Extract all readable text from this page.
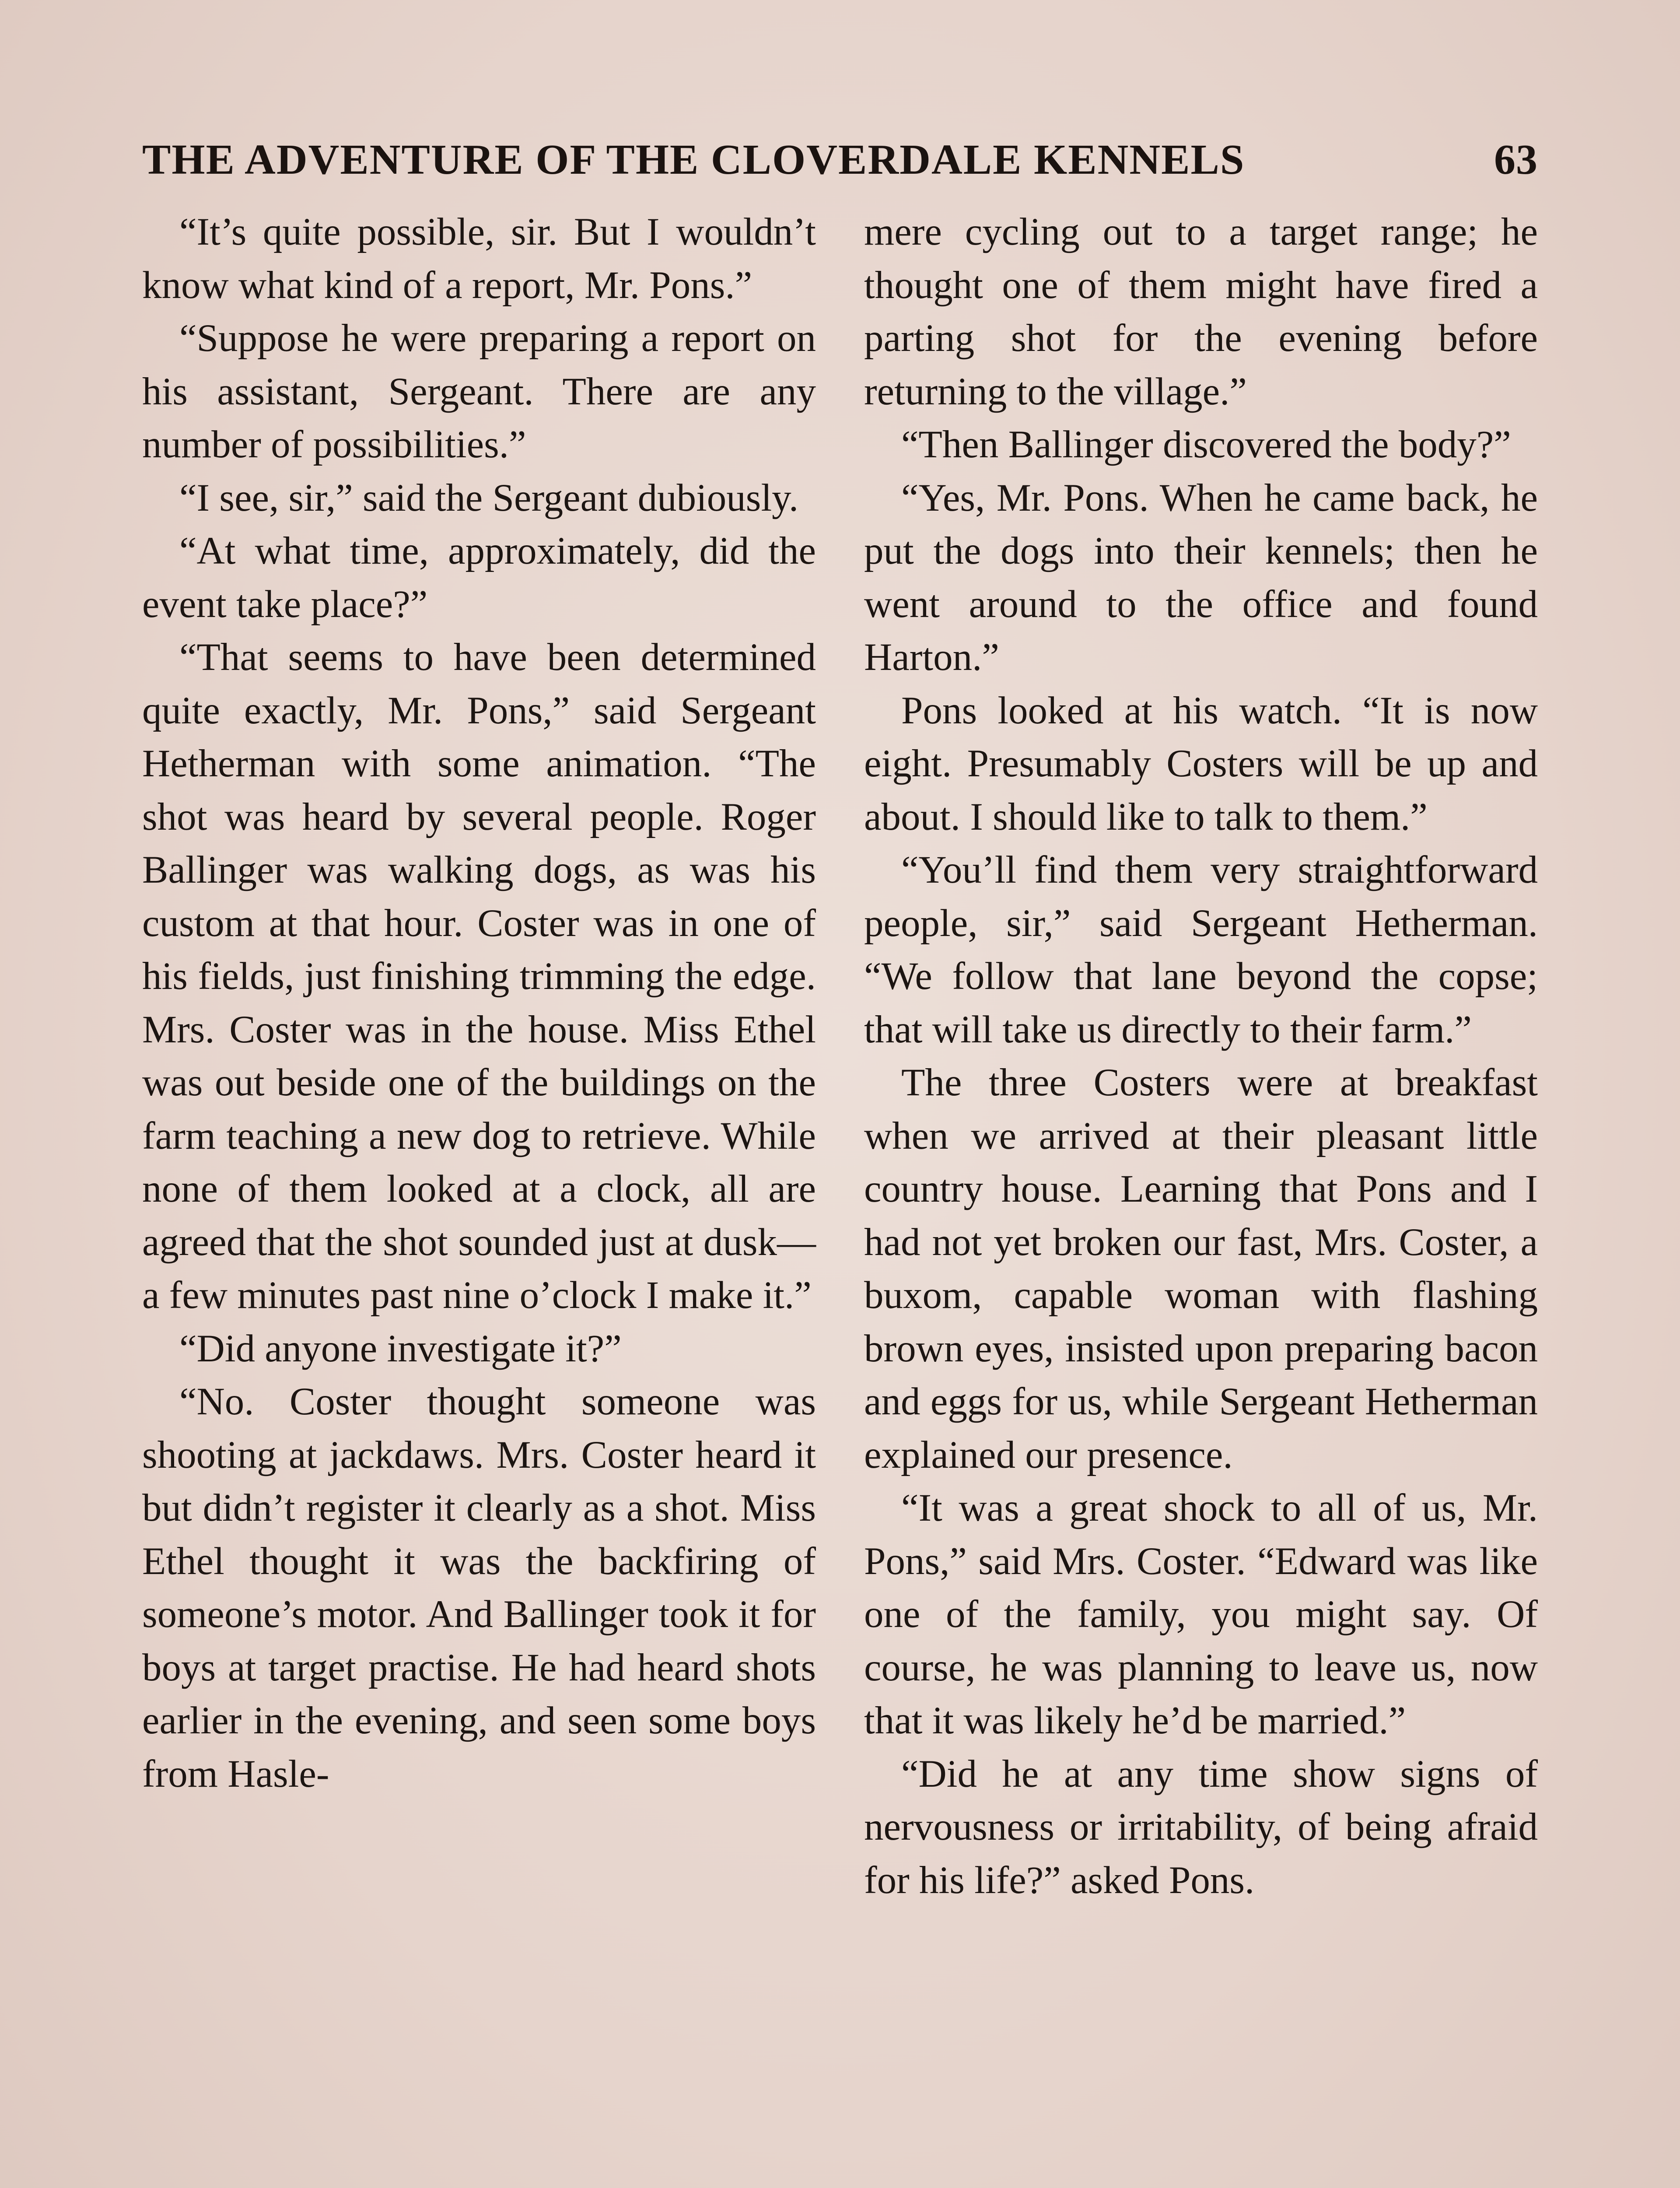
THE ADVENTURE OF THE CLOVERDALE KENNELS	63

“It’s quite possible, sir. But I wouldn’t know what kind of a report, Mr. Pons.”

“Suppose he were preparing a report on his assistant, Sergeant. There are any number of possibilities.”

“I see, sir,” said the Sergeant dubiously.

“At what time, approximately, did the event take place?”

“That seems to have been determined quite exactly, Mr. Pons,” said Sergeant Hetherman with some animation. “The shot was heard by several people. Roger Ballinger was walking dogs, as was his custom at that hour. Coster was in one of his fields, just finishing trimming the edge. Mrs. Coster was in the house. Miss Ethel was out beside one of the buildings on the farm teaching a new dog to retrieve. While none of them looked at a clock, all are agreed that the shot sounded just at dusk—a few minutes past nine o’clock I make it.”

“Did anyone investigate it?”

“No. Coster thought someone was shooting at jackdaws. Mrs. Coster heard it but didn’t register it clearly as a shot. Miss Ethel thought it was the backfiring of someone’s motor. And Ballinger took it for boys at target practise. He had heard shots earlier in the evening, and seen some boys from Hasle-

mere cycling out to a target range; he thought one of them might have fired a parting shot for the evening before returning to the village.”

“Then Ballinger discovered the body?”

“Yes, Mr. Pons. When he came back, he put the dogs into their kennels; then he went around to the office and found Harton.”

Pons looked at his watch. “It is now eight. Presumably Costers will be up and about. I should like to talk to them.”

“You’ll find them very straightforward people, sir,” said Sergeant Hetherman. “We follow that lane beyond the copse; that will take us directly to their farm.”

The three Costers were at breakfast when we arrived at their pleasant little country house. Learning that Pons and I had not yet broken our fast, Mrs. Coster, a buxom, capable woman with flashing brown eyes, insisted upon preparing bacon and eggs for us, while Sergeant Hetherman explained our presence.

“It was a great shock to all of us, Mr. Pons,” said Mrs. Coster. “Edward was like one of the family, you might say. Of course, he was planning to leave us, now that it was likely he’d be married.”

“Did he at any time show signs of nervousness or irritability, of being afraid for his life?” asked Pons.
